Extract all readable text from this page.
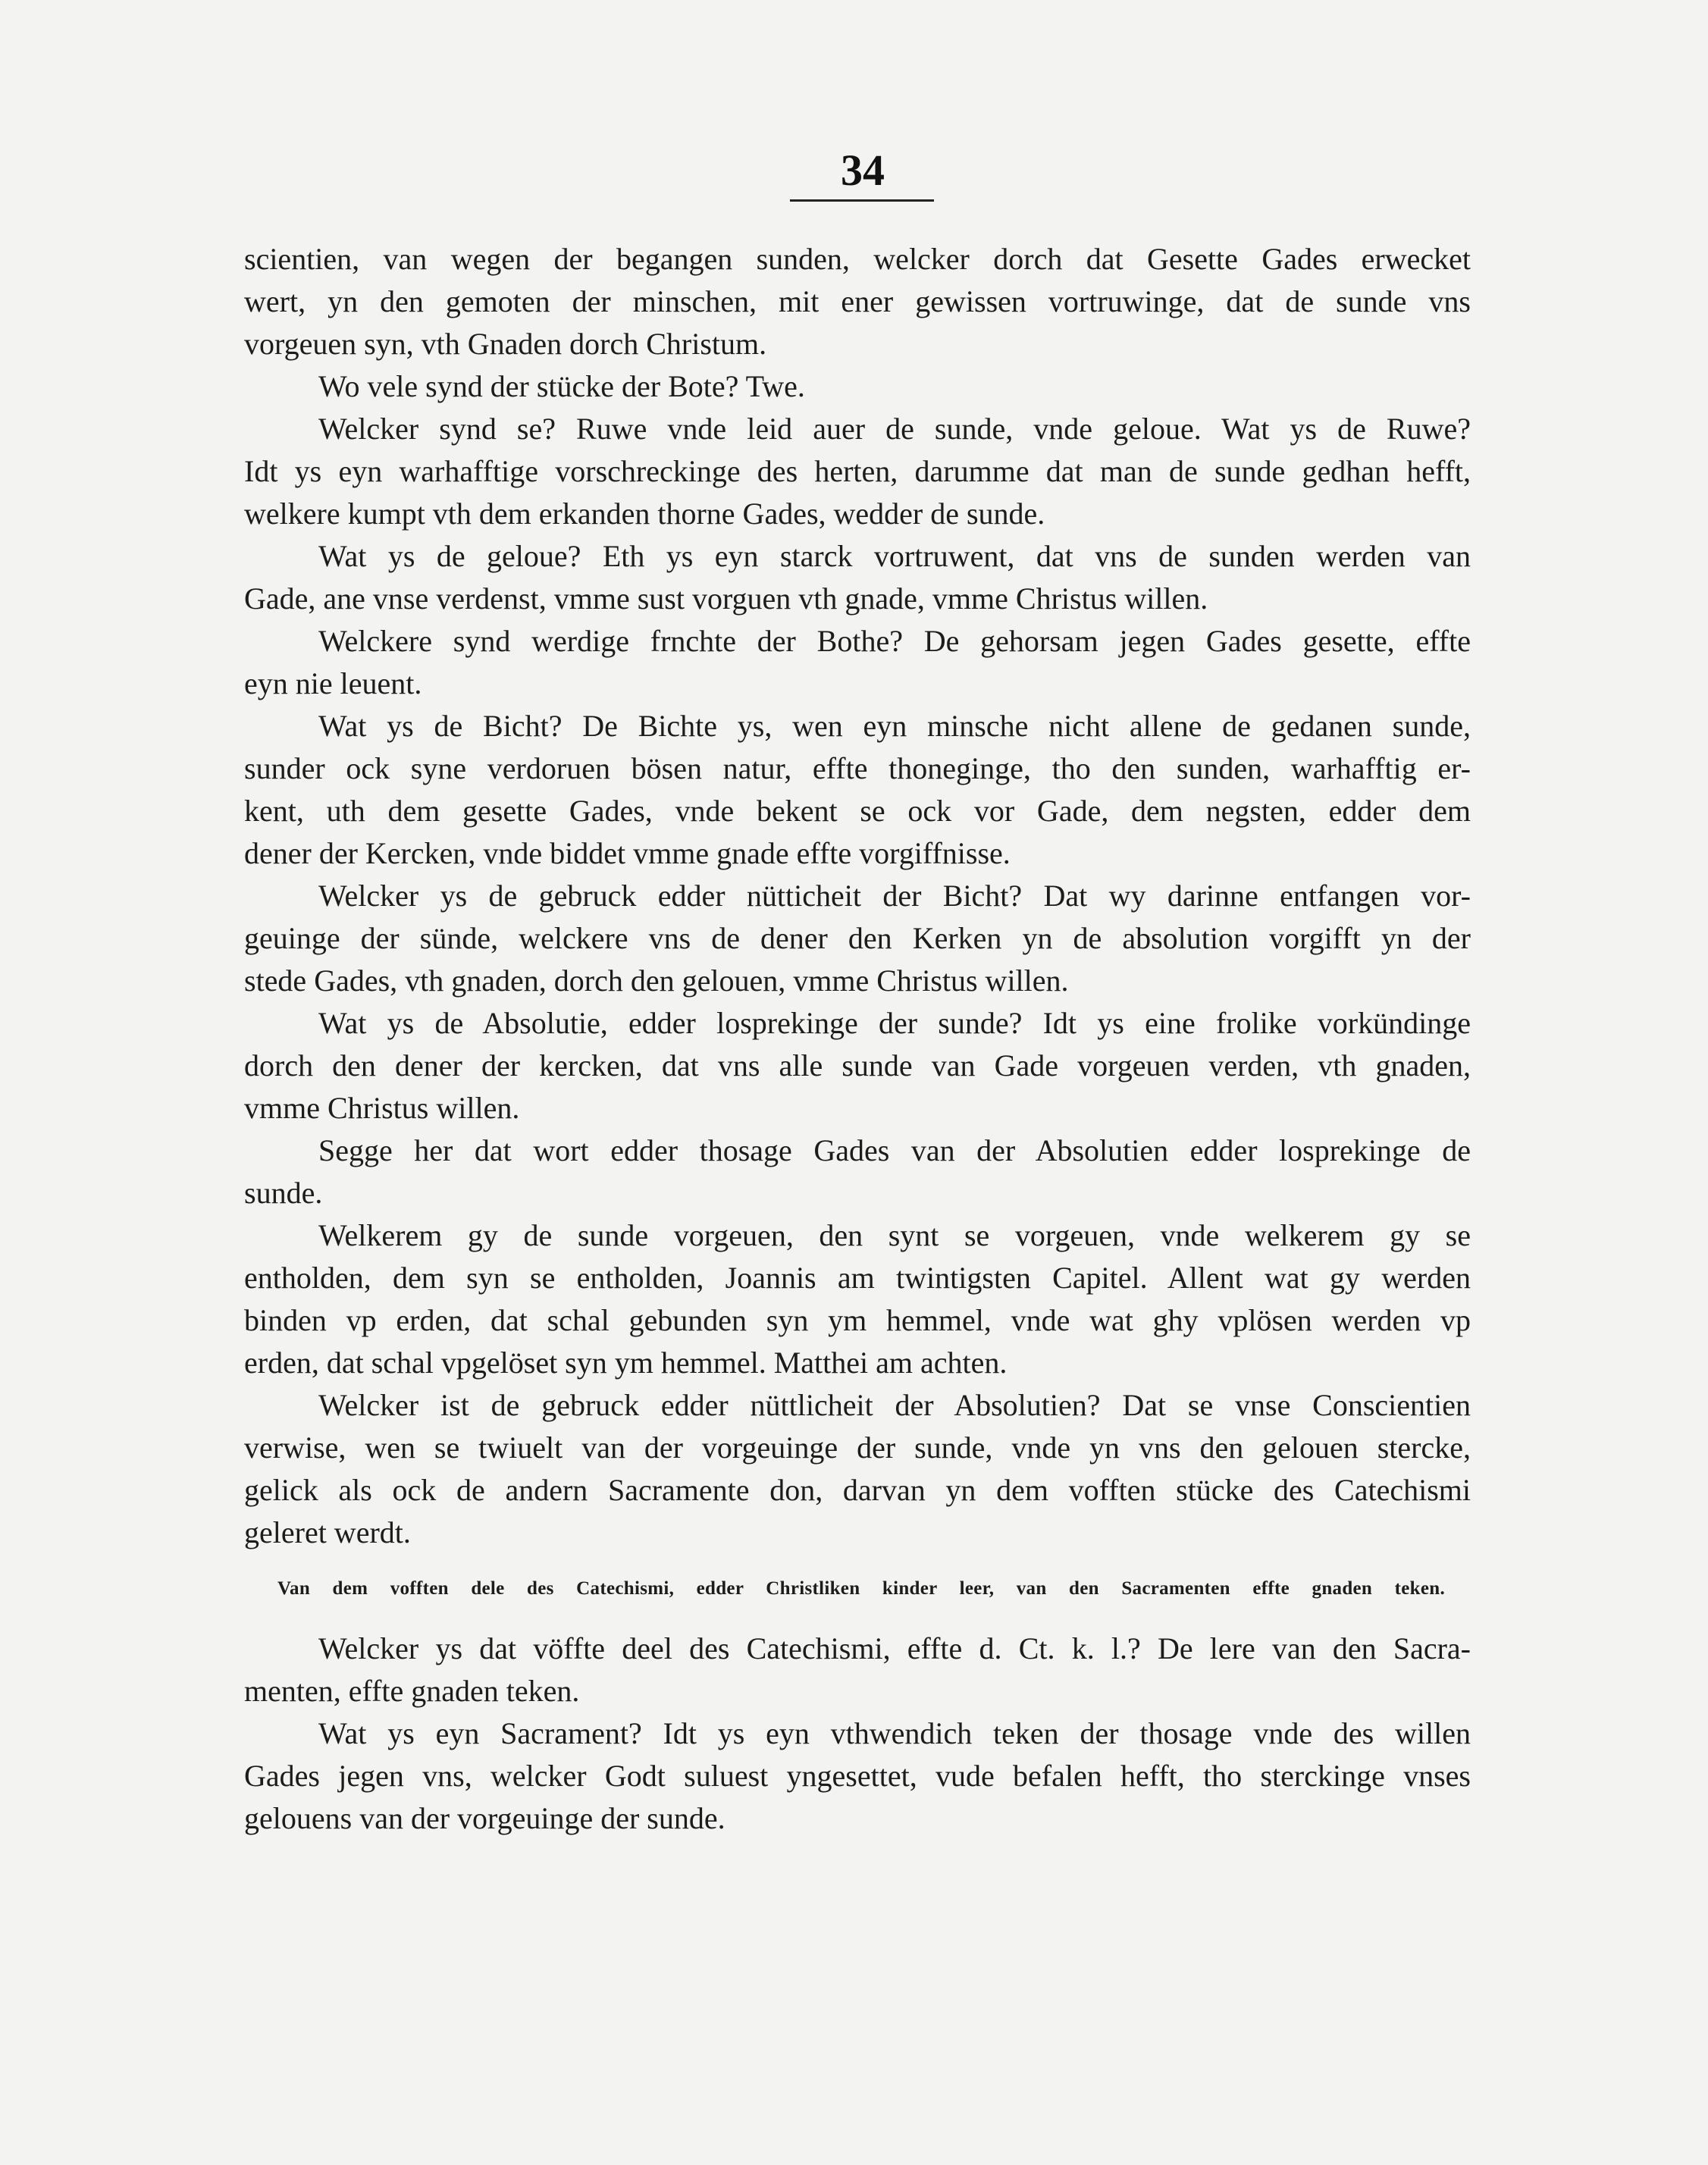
34
scientien, van wegen der begangen sunden, welcker dorch dat Gesette Gades erwecket
wert, yn den gemoten der minschen, mit ener gewissen vortruwinge, dat de sunde vns
vorgeuen syn, vth Gnaden dorch Christum.
Wo vele synd der stücke der Bote? Twe.
Welcker synd se? Ruwe vnde leid auer de sunde, vnde geloue. Wat ys de Ruwe?
Idt ys eyn warhafftige vorschreckinge des herten, darumme dat man de sunde gedhan hefft,
welkere kumpt vth dem erkanden thorne Gades, wedder de sunde.
Wat ys de geloue? Eth ys eyn starck vortruwent, dat vns de sunden werden van
Gade, ane vnse verdenst, vmme sust vorguen vth gnade, vmme Christus willen.
Welckere synd werdige frnchte der Bothe? De gehorsam jegen Gades gesette, effte
eyn nie leuent.
Wat ys de Bicht? De Bichte ys, wen eyn minsche nicht allene de gedanen sunde,
sunder ock syne verdoruen bösen natur, effte thoneginge, tho den sunden, warhafftig er-
kent, uth dem gesette Gades, vnde bekent se ock vor Gade, dem negsten, edder dem
dener der Kercken, vnde biddet vmme gnade effte vorgiffnisse.
Welcker ys de gebruck edder nütticheit der Bicht? Dat wy darinne entfangen vor-
geuinge der sünde, welckere vns de dener den Kerken yn de absolution vorgifft yn der
stede Gades, vth gnaden, dorch den gelouen, vmme Christus willen.
Wat ys de Absolutie, edder losprekinge der sunde? Idt ys eine frolike vorkündinge
dorch den dener der kercken, dat vns alle sunde van Gade vorgeuen verden, vth gnaden,
vmme Christus willen.
Segge her dat wort edder thosage Gades van der Absolutien edder losprekinge de
sunde.
Welkerem gy de sunde vorgeuen, den synt se vorgeuen, vnde welkerem gy se
entholden, dem syn se entholden, Joannis am twintigsten Capitel. Allent wat gy werden
binden vp erden, dat schal gebunden syn ym hemmel, vnde wat ghy vplösen werden vp
erden, dat schal vpgelöset syn ym hemmel. Matthei am achten.
Welcker ist de gebruck edder nüttlicheit der Absolutien? Dat se vnse Conscientien
verwise, wen se twiuelt van der vorgeuinge der sunde, vnde yn vns den gelouen stercke,
gelick als ock de andern Sacramente don, darvan yn dem vofften stücke des Catechismi
geleret werdt.
Van dem vofften dele des Catechismi, edder Christliken kinder leer, van den Sacramenten effte gnaden teken.
Welcker ys dat vöffte deel des Catechismi, effte d. Ct. k. l.? De lere van den Sacra-
menten, effte gnaden teken.
Wat ys eyn Sacrament? Idt ys eyn vthwendich teken der thosage vnde des willen
Gades jegen vns, welcker Godt suluest yngesettet, vude befalen hefft, tho sterckinge vnses
gelouens van der vorgeuinge der sunde.
